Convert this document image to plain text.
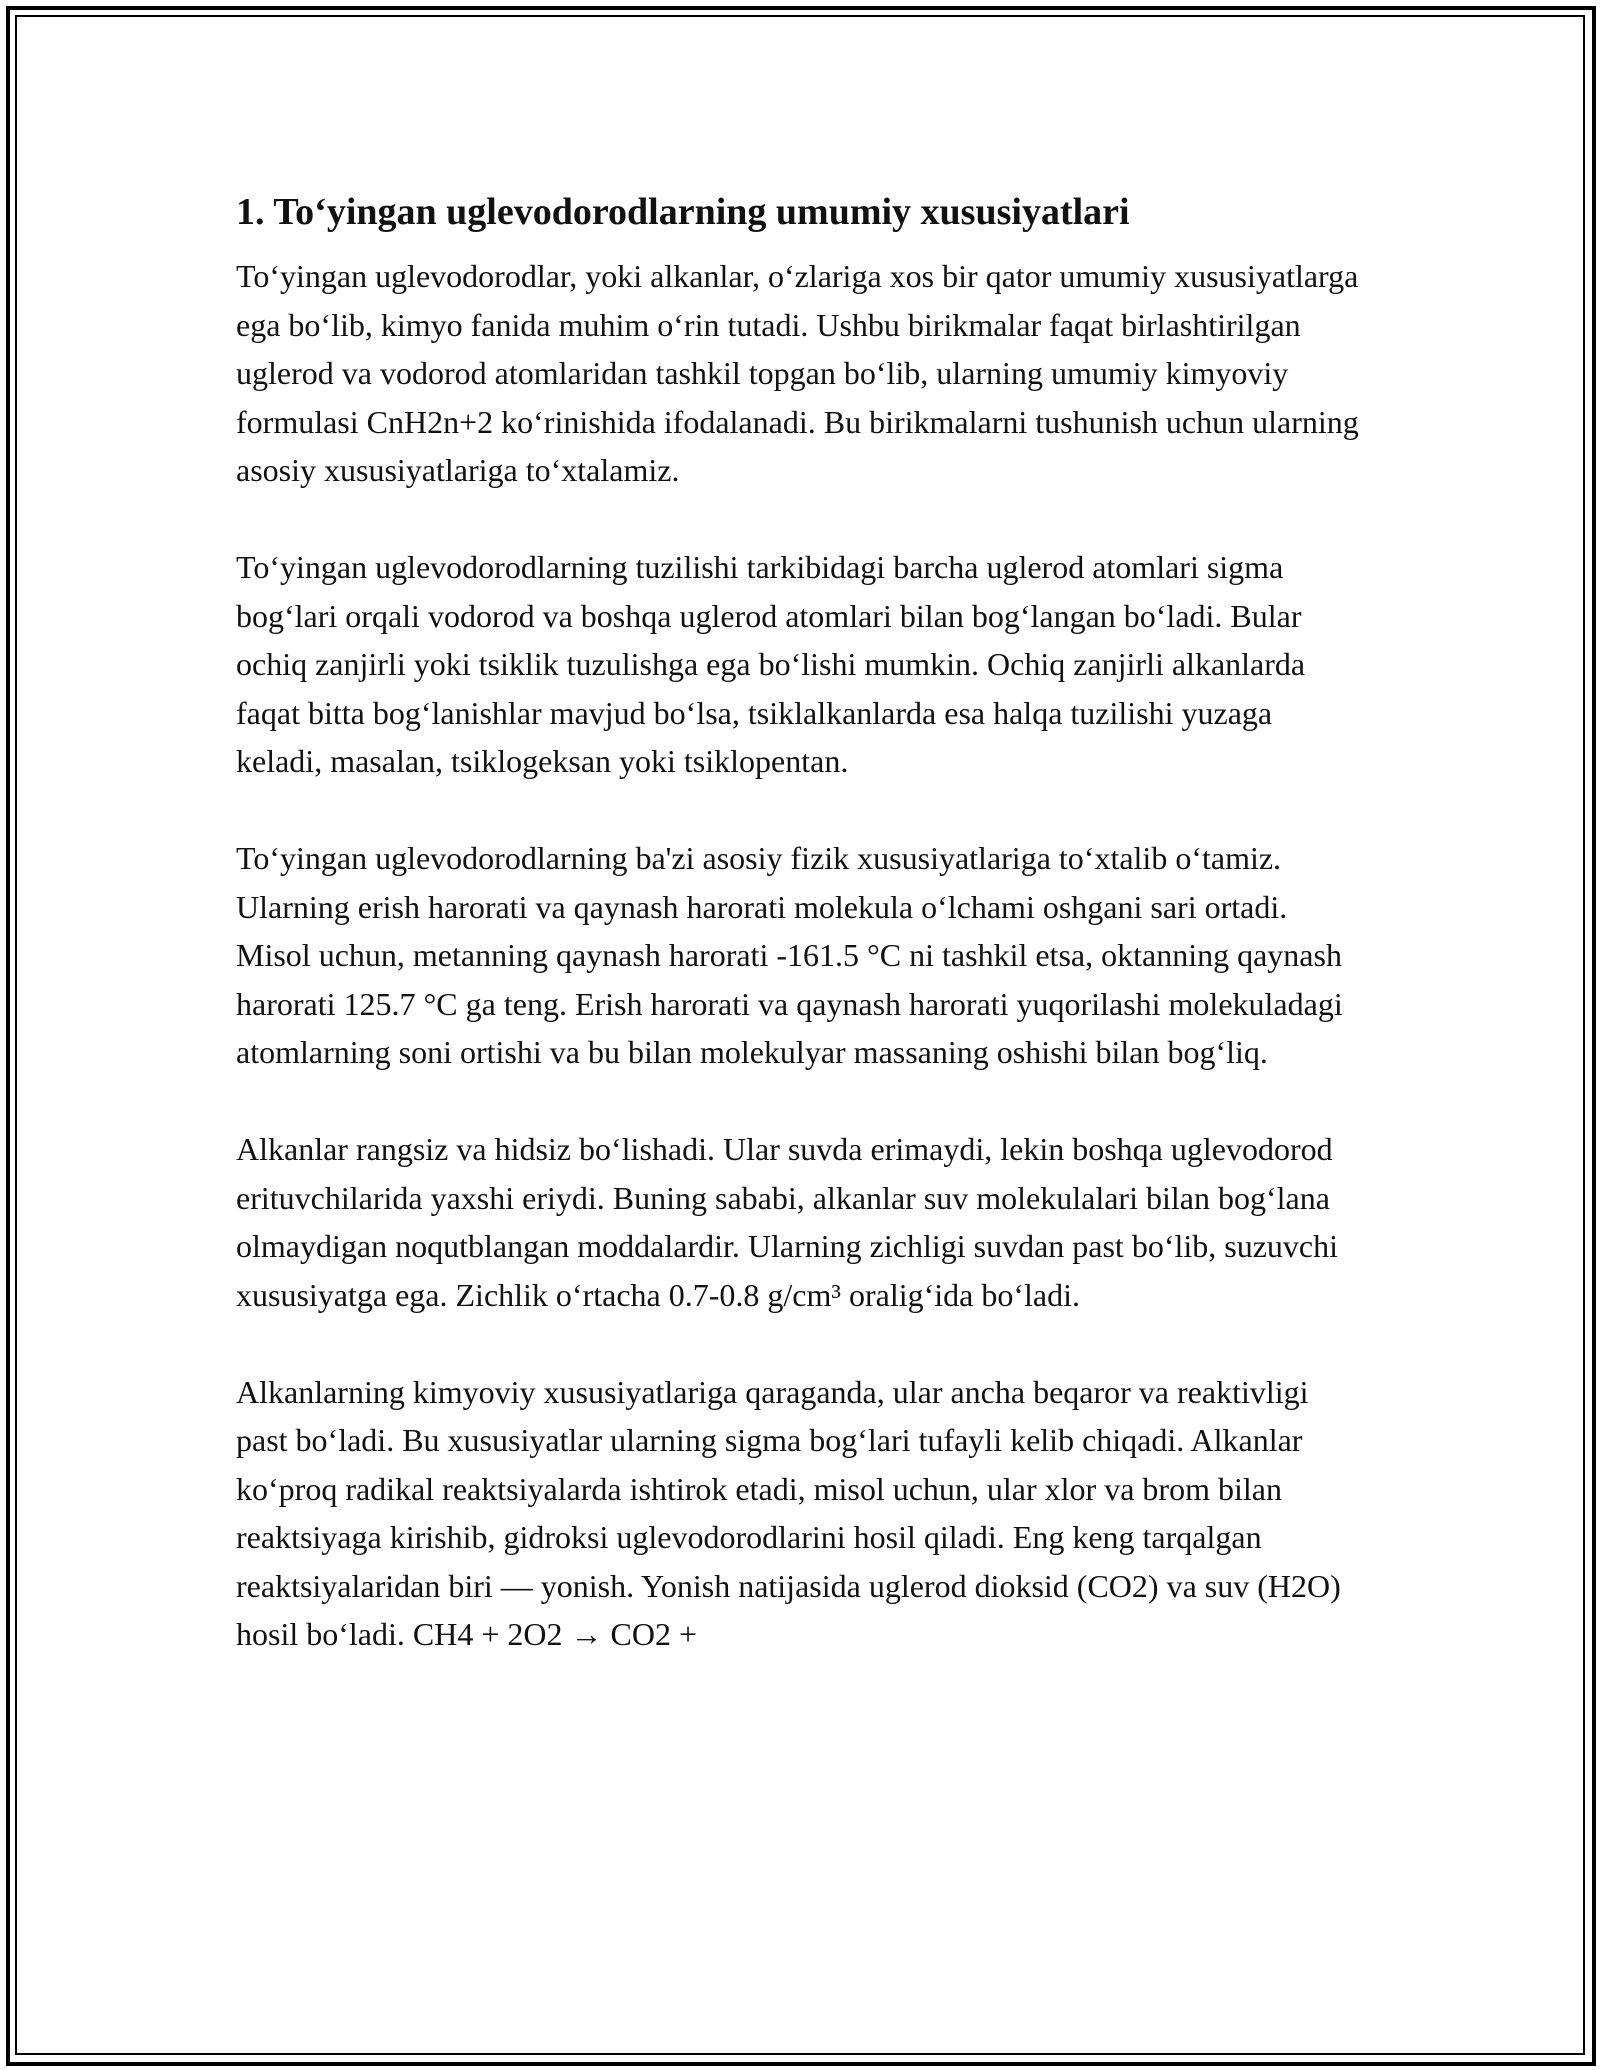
1. To‘yingan uglevodorodlarning umumiy xususiyatlari

To‘yingan uglevodorodlar, yoki alkanlar, o‘zlariga xos bir qator umumiy xususiyatlarga ega bo‘lib, kimyo fanida muhim o‘rin tutadi. Ushbu birikmalar faqat birlashtirilgan uglerod va vodorod atomlaridan tashkil topgan bo‘lib, ularning umumiy kimyoviy formulasi CnH2n+2 ko‘rinishida ifodalanadi. Bu birikmalarni tushunish uchun ularning asosiy xususiyatlariga to‘xtalamiz.

To‘yingan uglevodorodlarning tuzilishi tarkibidagi barcha uglerod atomlari sigma bog‘lari orqali vodorod va boshqa uglerod atomlari bilan bog‘langan bo‘ladi. Bular ochiq zanjirli yoki tsiklik tuzulishga ega bo‘lishi mumkin. Ochiq zanjirli alkanlarda faqat bitta bog‘lanishlar mavjud bo‘lsa, tsiklalkanlarda esa halqa tuzilishi yuzaga keladi, masalan, tsiklogeksan yoki tsiklopentan.

To‘yingan uglevodorodlarning ba'zi asosiy fizik xususiyatlariga to‘xtalib o‘tamiz. Ularning erish harorati va qaynash harorati molekula o‘lchami oshgani sari ortadi. Misol uchun, metanning qaynash harorati -161.5 °C ni tashkil etsa, oktanning qaynash harorati 125.7 °C ga teng. Erish harorati va qaynash harorati yuqorilashi molekuladagi atomlarning soni ortishi va bu bilan molekulyar massaning oshishi bilan bog‘liq.

Alkanlar rangsiz va hidsiz bo‘lishadi. Ular suvda erimaydi, lekin boshqa uglevodorod erituvchilarida yaxshi eriydi. Buning sababi, alkanlar suv molekulalari bilan bog‘lana olmaydigan noqutblangan moddalardir. Ularning zichligi suvdan past bo‘lib, suzuvchi xususiyatga ega. Zichlik o‘rtacha 0.7-0.8 g/cm³ oralig‘ida bo‘ladi.

Alkanlarning kimyoviy xususiyatlariga qaraganda, ular ancha beqaror va reaktivligi past bo‘ladi. Bu xususiyatlar ularning sigma bog‘lari tufayli kelib chiqadi. Alkanlar ko‘proq radikal reaktsiyalarda ishtirok etadi, misol uchun, ular xlor va brom bilan reaktsiyaga kirishib, gidroksi uglevodorodlarini hosil qiladi. Eng keng tarqalgan reaktsiyalaridan biri — yonish. Yonish natijasida uglerod dioksid (CO2) va suv (H2O) hosil bo‘ladi. CH4 + 2O2 → CO2 +
